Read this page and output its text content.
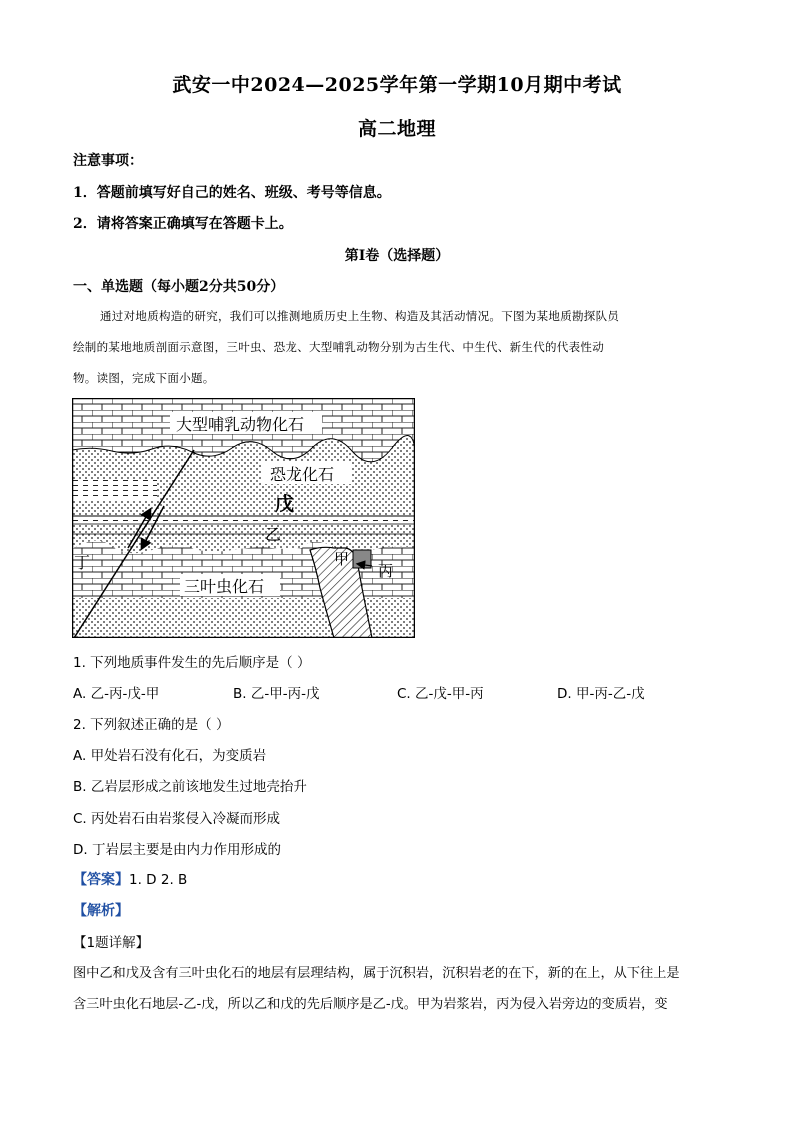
武安一中2024—2025学年第一学期10月期中考试
高二地理
注意事项：
1．答题前填写好自己的姓名、班级、考号等信息。
2．请将答案正确填写在答题卡上。
第I卷（选择题）
一、单选题（每小题2分共50分）
通过对地质构造的研究，我们可以推测地质历史上生物、构造及其活动情况。下图为某地质勘探队员
绘制的某地地质剖面示意图，三叶虫、恐龙、大型哺乳动物分别为古生代、中生代、新生代的代表性动
物。读图，完成下面小题。
大型哺乳动物化石
恐龙化石
戊
乙
丁
三叶虫化石
甲
丙
1. 下列地质事件发生的先后顺序是（ ）
A. 乙-丙-戊-甲	B. 乙-甲-丙-戊	C. 乙-戊-甲-丙	D. 甲-丙-乙-戊
2. 下列叙述正确的是（ ）
A. 甲处岩石没有化石，为变质岩
B. 乙岩层形成之前该地发生过地壳抬升
C. 丙处岩石由岩浆侵入冷凝而形成
D. 丁岩层主要是由内力作用形成的
【答案】1. D 2. B
【解析】
【1题详解】
图中乙和戊及含有三叶虫化石的地层有层理结构，属于沉积岩，沉积岩老的在下，新的在上，从下往上是
含三叶虫化石地层-乙-戊，所以乙和戊的先后顺序是乙-戊。甲为岩浆岩，丙为侵入岩旁边的变质岩，变
